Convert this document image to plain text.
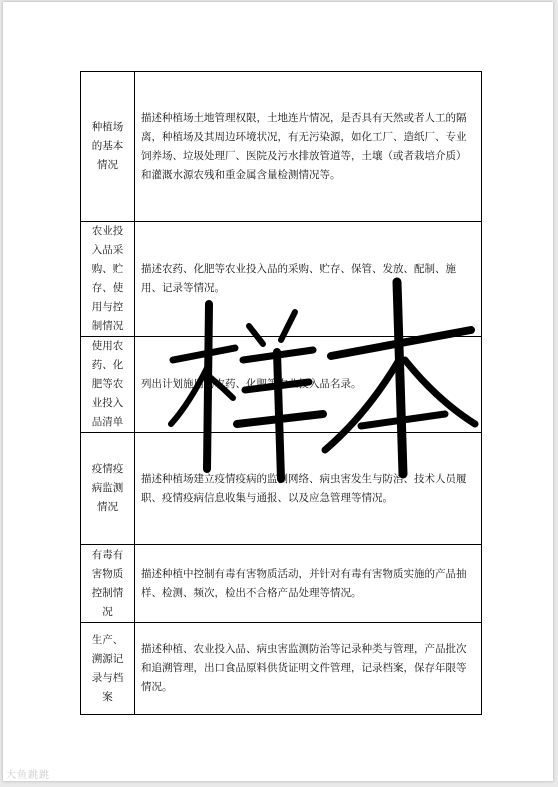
种植场的基本情况	描述种植场土地管理权限，土地连片情况，是否具有天然或者人工的隔离，种植场及其周边环境状况，有无污染源，如化工厂、造纸厂、专业饲养场、垃圾处理厂、医院及污水排放管道等，土壤（或者栽培介质）和灌溉水源农残和重金属含量检测情况等。
农业投入品采购、贮存、使用与控制情况	描述农药、化肥等农业投入品的采购、贮存、保管、发放、配制、施用、记录等情况。
使用农药、化肥等农业投入品清单	列出计划施用的农药、化肥等农业投入品名录。
疫情疫病监测情况	描述种植场建立疫情疫病的监测网络、病虫害发生与防治、技术人员履职、疫情疫病信息收集与通报、以及应急管理等情况。
有毒有害物质控制情况	描述种植中控制有毒有害物质活动，并针对有毒有害物质实施的产品抽样、检测、频次，检出不合格产品处理等情况。
生产、溯源记录与档案	描述种植、农业投入品、病虫害监测防治等记录种类与管理，产品批次和追溯管理，出口食品原料供货证明文件管理，记录档案，保存年限等情况。
大鱼跳跳
